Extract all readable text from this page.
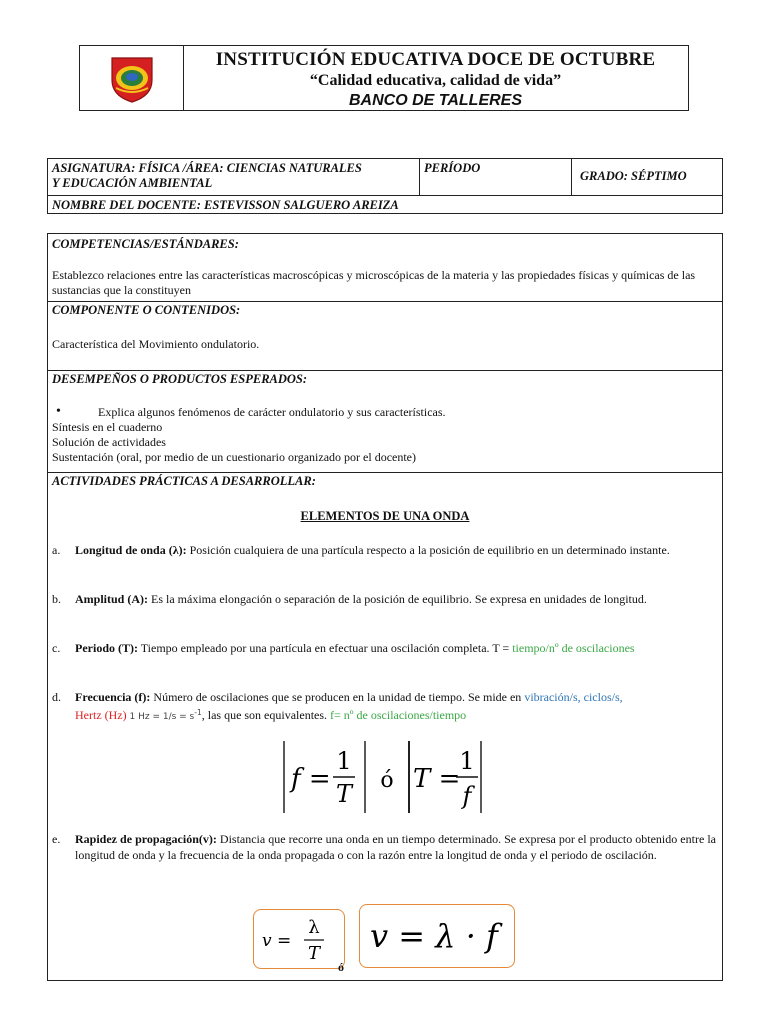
INSTITUCIÓN EDUCATIVA DOCE DE OCTUBRE
“Calidad educativa, calidad de vida”
BANCO DE TALLERES
ASIGNATURA: FÍSICA /ÁREA: CIENCIAS NATURALES
Y EDUCACIÓN AMBIENTAL
PERÍODO
GRADO: SÉPTIMO
NOMBRE DEL DOCENTE: ESTEVISSON SALGUERO AREIZA
COMPETENCIAS/ESTÁNDARES:
Establezco relaciones entre las características macroscópicas y microscópicas de la materia y las propiedades físicas y químicas de las sustancias que la constituyen
COMPONENTE O CONTENIDOS:
Característica del Movimiento ondulatorio.
DESEMPEÑOS O PRODUCTOS ESPERADOS:
•	Explica algunos fenómenos de carácter ondulatorio y sus características.
Síntesis en el cuaderno
Solución de actividades
Sustentación (oral, por medio de un cuestionario organizado por el docente)
ACTIVIDADES PRÁCTICAS A DESARROLLAR:
ELEMENTOS DE UNA ONDA
a. Longitud de onda (λ): Posición cualquiera de una partícula respecto a la posición de equilibrio en un determinado instante.
b. Amplitud (A): Es la máxima elongación o separación de la posición de equilibrio. Se expresa en unidades de longitud.
c. Periodo (T): Tiempo empleado por una partícula en efectuar una oscilación completa. T = tiempo/nº de oscilaciones
d. Frecuencia (f): Número de oscilaciones que se producen en la unidad de tiempo. Se mide en vibración/s, ciclos/s,
Hertz (Hz) 1 $Hz = 1/s = s^{-1}$, las que son equivalentes. f= nº de oscilaciones/tiempo
f =
1
T ó T =
1
f
e. Rapidez de propagación(v): Distancia que recorre una onda en un tiempo determinado. Se expresa por el producto obtenido entre la longitud de onda y la frecuencia de la onda propagada o con la razón entre la longitud de onda y el periodo de oscilación.
v =
λ
T
ó
v = λ · f
